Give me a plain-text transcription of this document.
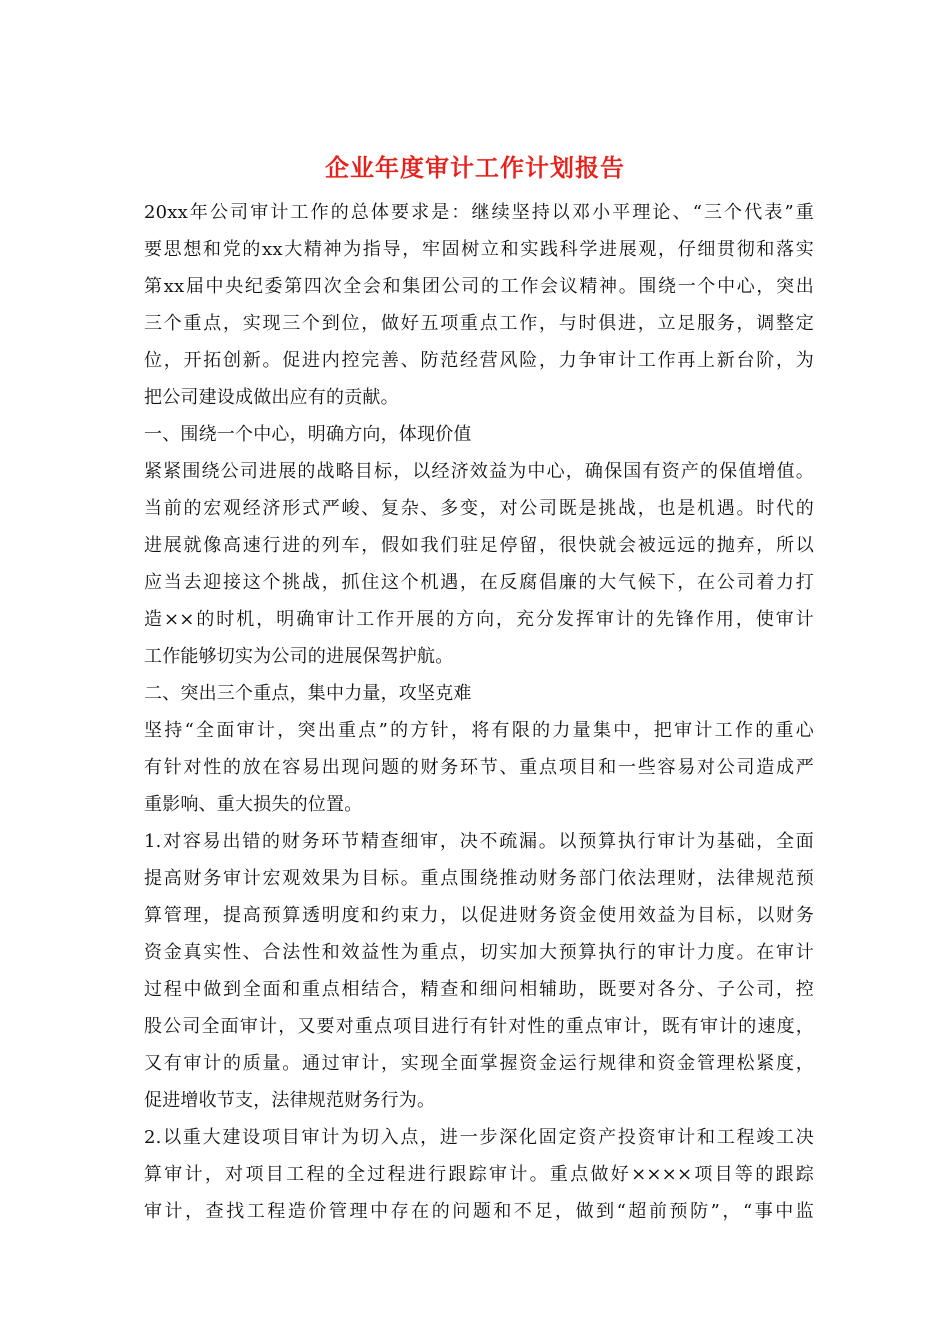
企业年度审计工作计划报告
20xx年公司审计工作的总体要求是：继续坚持以邓小平理论、“三个代表”重
要思想和党的xx大精神为指导，牢固树立和实践科学进展观，仔细贯彻和落实
第xx届中央纪委第四次全会和集团公司的工作会议精神。围绕一个中心，突出
三个重点，实现三个到位，做好五项重点工作，与时俱进，立足服务，调整定
位，开拓创新。促进内控完善、防范经营风险，力争审计工作再上新台阶，为
把公司建设成做出应有的贡献。
一、围绕一个中心，明确方向，体现价值
紧紧围绕公司进展的战略目标，以经济效益为中心，确保国有资产的保值增值。
当前的宏观经济形式严峻、复杂、多变，对公司既是挑战，也是机遇。时代的
进展就像高速行进的列车，假如我们驻足停留，很快就会被远远的抛弃，所以
应当去迎接这个挑战，抓住这个机遇，在反腐倡廉的大气候下，在公司着力打
造××的时机，明确审计工作开展的方向，充分发挥审计的先锋作用，使审计
工作能够切实为公司的进展保驾护航。
二、突出三个重点，集中力量，攻坚克难
坚持“全面审计，突出重点”的方针，将有限的力量集中，把审计工作的重心
有针对性的放在容易出现问题的财务环节、重点项目和一些容易对公司造成严
重影响、重大损失的位置。
1.对容易出错的财务环节精查细审，决不疏漏。以预算执行审计为基础，全面
提高财务审计宏观效果为目标。重点围绕推动财务部门依法理财，法律规范预
算管理，提高预算透明度和约束力，以促进财务资金使用效益为目标，以财务
资金真实性、合法性和效益性为重点，切实加大预算执行的审计力度。在审计
过程中做到全面和重点相结合，精查和细问相辅助，既要对各分、子公司，控
股公司全面审计，又要对重点项目进行有针对性的重点审计，既有审计的速度，
又有审计的质量。通过审计，实现全面掌握资金运行规律和资金管理松紧度，
促进增收节支，法律规范财务行为。
2.以重大建设项目审计为切入点，进一步深化固定资产投资审计和工程竣工决
算审计，对项目工程的全过程进行跟踪审计。重点做好××××项目等的跟踪
审计，查找工程造价管理中存在的问题和不足，做到“超前预防”，“事中监
